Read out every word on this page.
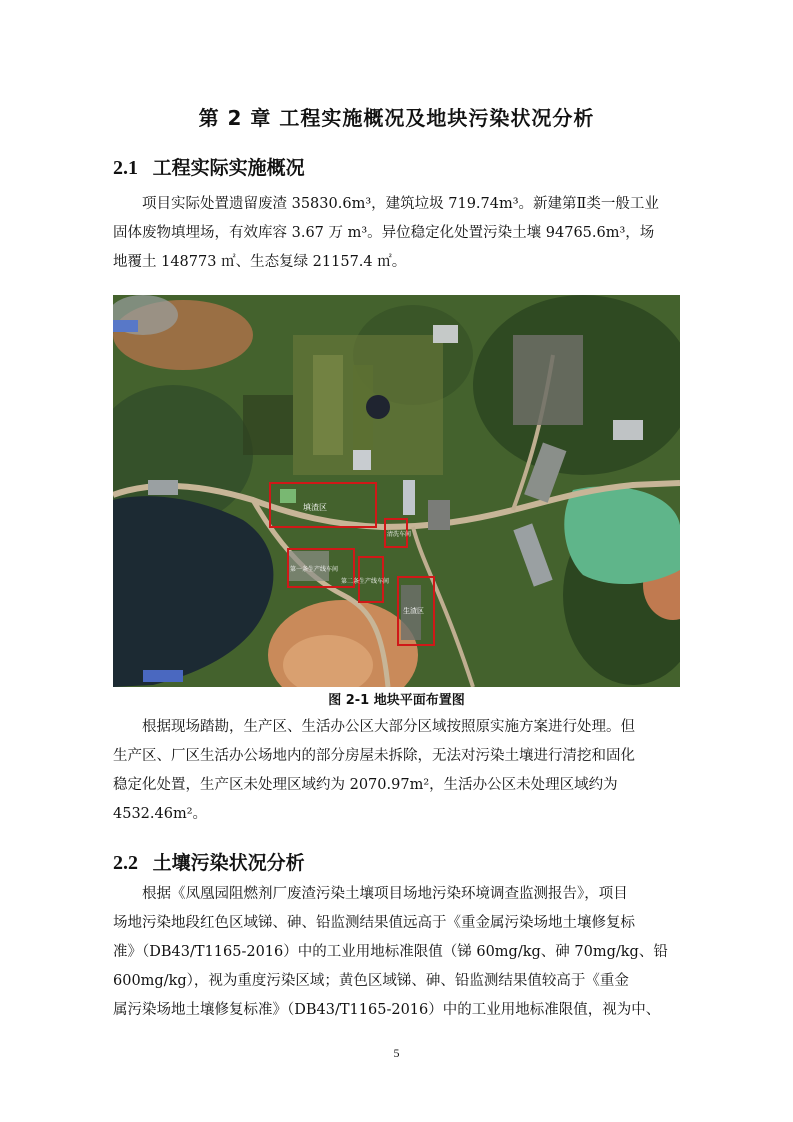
第 2 章 工程实施概况及地块污染状况分析
2.1 工程实际实施概况
项目实际处置遗留废渣 35830.6m³，建筑垃圾 719.74m³。新建第Ⅱ类一般工业
固体废物填埋场，有效库容 3.67 万 m³。异位稳定化处置污染土壤 94765.6m³，场
地覆土 148773 ㎡、生态复绿 21157.4 ㎡。
填渣区
清洗车间
第一条生产线车间
第二条生产线车间
生渣区
图 2-1 地块平面布置图
根据现场踏勘，生产区、生活办公区大部分区域按照原实施方案进行处理。但
生产区、厂区生活办公场地内的部分房屋未拆除，无法对污染土壤进行清挖和固化
稳定化处置，生产区未处理区域约为 2070.97m²，生活办公区未处理区域约为
4532.46m²。
2.2 土壤污染状况分析
根据《凤凰园阻燃剂厂废渣污染土壤项目场地污染环境调查监测报告》，项目
场地污染地段红色区域锑、砷、铅监测结果值远高于《重金属污染场地土壤修复标
准》（DB43/T1165-2016）中的工业用地标准限值（锑 60mg/kg、砷 70mg/kg、铅
600mg/kg），视为重度污染区域；黄色区域锑、砷、铅监测结果值较高于《重金
属污染场地土壤修复标准》（DB43/T1165-2016）中的工业用地标准限值，视为中、
5
